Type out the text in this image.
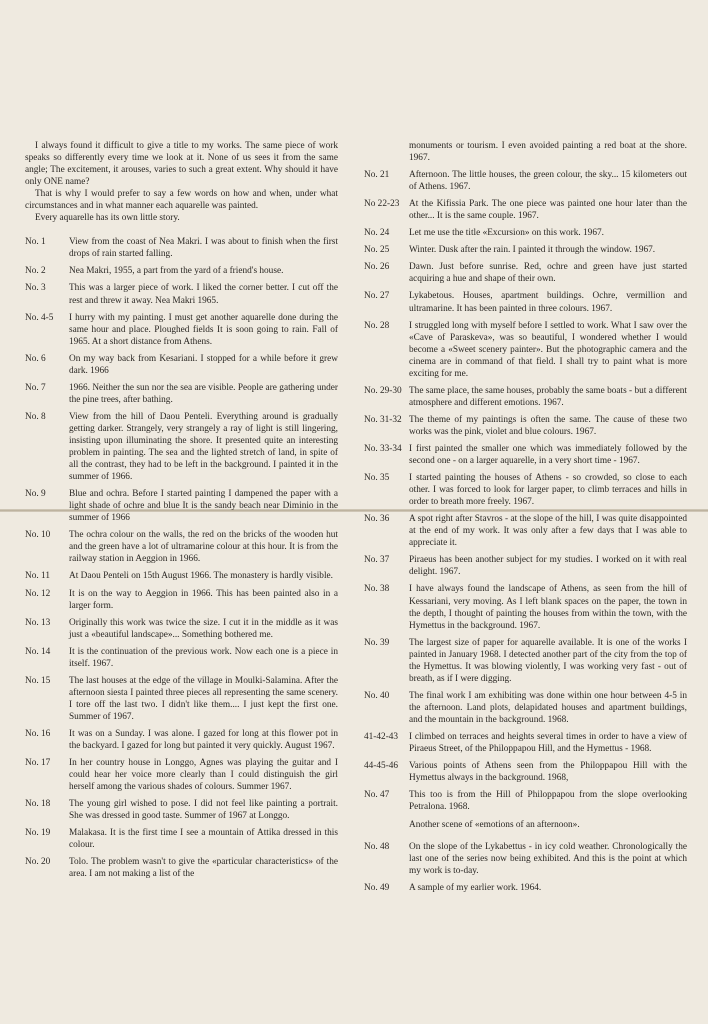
I always found it difficult to give a title to my works. The same piece of work speaks so differently every time we look at it. None of us sees it from the same angle; The excitement, it arouses, varies to such a great extent. Why should it have only ONE name?

That is why I would prefer to say a few words on how and when, under what circumstances and in what manner each aquarelle was painted.

Every aquarelle has its own little story.

No. 1	View from the coast of Nea Makri. I was about to finish when the first drops of rain started falling.
No. 2	Nea Makri, 1955, a part from the yard of a friend's house.
No. 3	This was a larger piece of work. I liked the corner better. I cut off the rest and threw it away. Nea Makri 1965.
No. 4-5	I hurry with my painting. I must get another aquarelle done during the same hour and place. Ploughed fields It is soon going to rain. Fall of 1965. At a short distance from Athens.
No. 6	On my way back from Kesariani. I stopped for a while before it grew dark. 1966
No. 7	1966. Neither the sun nor the sea are visible. People are gathering under the pine trees, after bathing.
No. 8	View from the hill of Daou Penteli. Everything around is gradually getting darker. Strangely, very strangely a ray of light is still lingering, insisting upon illuminating the shore. It presented quite an interesting problem in painting. The sea and the lighted stretch of land, in spite of all the contrast, they had to be left in the background. I painted it in the summer of 1966.
No. 9	Blue and ochra. Before I started painting I dampened the paper with a light shade of ochre and blue It is the sandy beach near Diminio in the summer of 1966
No. 10	The ochra colour on the walls, the red on the bricks of the wooden hut and the green have a lot of ultramarine colour at this hour. It is from the railway station in Aeggion in 1966.
No. 11	At Daou Penteli on 15th August 1966. The monastery is hardly visible.
No. 12	It is on the way to Aeggion in 1966. This has been painted also in a larger form.
No. 13	Originally this work was twice the size. I cut it in the middle as it was just a «beautiful landscape»... Something bothered me.
No. 14	It is the continuation of the previous work. Now each one is a piece in itself. 1967.
No. 15	The last houses at the edge of the village in Moulki-Salamina. After the afternoon siesta I painted three pieces all representing the same scenery. I tore off the last two. I didn't like them.... I just kept the first one. Summer of 1967.
No. 16	It was on a Sunday. I was alone. I gazed for long at this flower pot in the backyard. I gazed for long but painted it very quickly. August 1967.
No. 17	In her country house in Longgo, Agnes was playing the guitar and I could hear her voice more clearly than I could distinguish the girl herself among the various shades of colours. Summer 1967.
No. 18	The young girl wished to pose. I did not feel like painting a portrait. She was dressed in good taste. Summer of 1967 at Longgo.
No. 19	Malakasa. It is the first time I see a mountain of Attika dressed in this colour.
No. 20	Tolo. The problem wasn't to give the «particular characteristics» of the area. I am not making a list of the
monuments or tourism. I even avoided painting a red boat at the shore. 1967.
No. 21	Afternoon. The little houses, the green colour, the sky... 15 kilometers out of Athens. 1967.
No 22-23	At the Kifissia Park. The one piece was painted one hour later than the other... It is the same couple. 1967.
No. 24	Let me use the title «Excursion» on this work. 1967.
No. 25	Winter. Dusk after the rain. I painted it through the window. 1967.
No. 26	Dawn. Just before sunrise. Red, ochre and green have just started acquiring a hue and shape of their own.
No. 27	Lykabetous. Houses, apartment buildings. Ochre, vermillion and ultramarine. It has been painted in three colours. 1967.
No. 28	I struggled long with myself before I settled to work. What I saw over the «Cave of Paraskeva», was so beautiful, I wondered whether I would become a «Sweet scenery painter». But the photographic camera and the cinema are in command of that field. I shall try to paint what is more exciting for me.
No. 29-30 The same place, the same houses, probably the same boats - but a different atmosphere and different emotions. 1967.
No. 31-32 The theme of my paintings is often the same. The cause of these two works was the pink, violet and blue colours. 1967.
No. 33-34 I first painted the smaller one which was immediately followed by the second one - on a larger aquarelle, in a very short time - 1967.
No. 35	I started painting the houses of Athens - so crowded, so close to each other. I was forced to look for larger paper, to climb terraces and hills in order to breath more freely. 1967.
No. 36	A spot right after Stavros - at the slope of the hill, I was quite disappointed at the end of my work. It was only after a few days that I was able to appreciate it.
No. 37	Piraeus has been another subject for my studies. I worked on it with real delight. 1967.
No. 38	I have always found the landscape of Athens, as seen from the hill of Kessariani, very moving. As I left blank spaces on the paper, the town in the depth, I thought of painting the houses from within the town, with the Hymettus in the background. 1967.
No. 39	The largest size of paper for aquarelle available. It is one of the works I painted in January 1968. I detected another part of the city from the top of the Hymettus. It was blowing violently, I was working very fast - out of breath, as if I were digging.
No. 40	The final work I am exhibiting was done within one hour between 4-5 in the afternoon. Land plots, delapidated houses and apartment buildings, and the mountain in the background. 1968.
41-42-43	I climbed on terraces and heights several times in order to have a view of Piraeus Street, of the Philoppapou Hill, and the Hymettus - 1968.
44-45-46	Various points of Athens seen from the Philoppapou Hill with the Hymettus always in the background. 1968,
No. 47	This too is from the Hill of Philoppapou from the slope overlooking Petralona. 1968.
Another scene of «emotions of an afternoon».
No. 48	On the slope of the Lykabettus - in icy cold weather. Chronologically the last one of the series now being exhibited. And this is the point at which my work is to-day.
No. 49	A sample of my earlier work. 1964.
